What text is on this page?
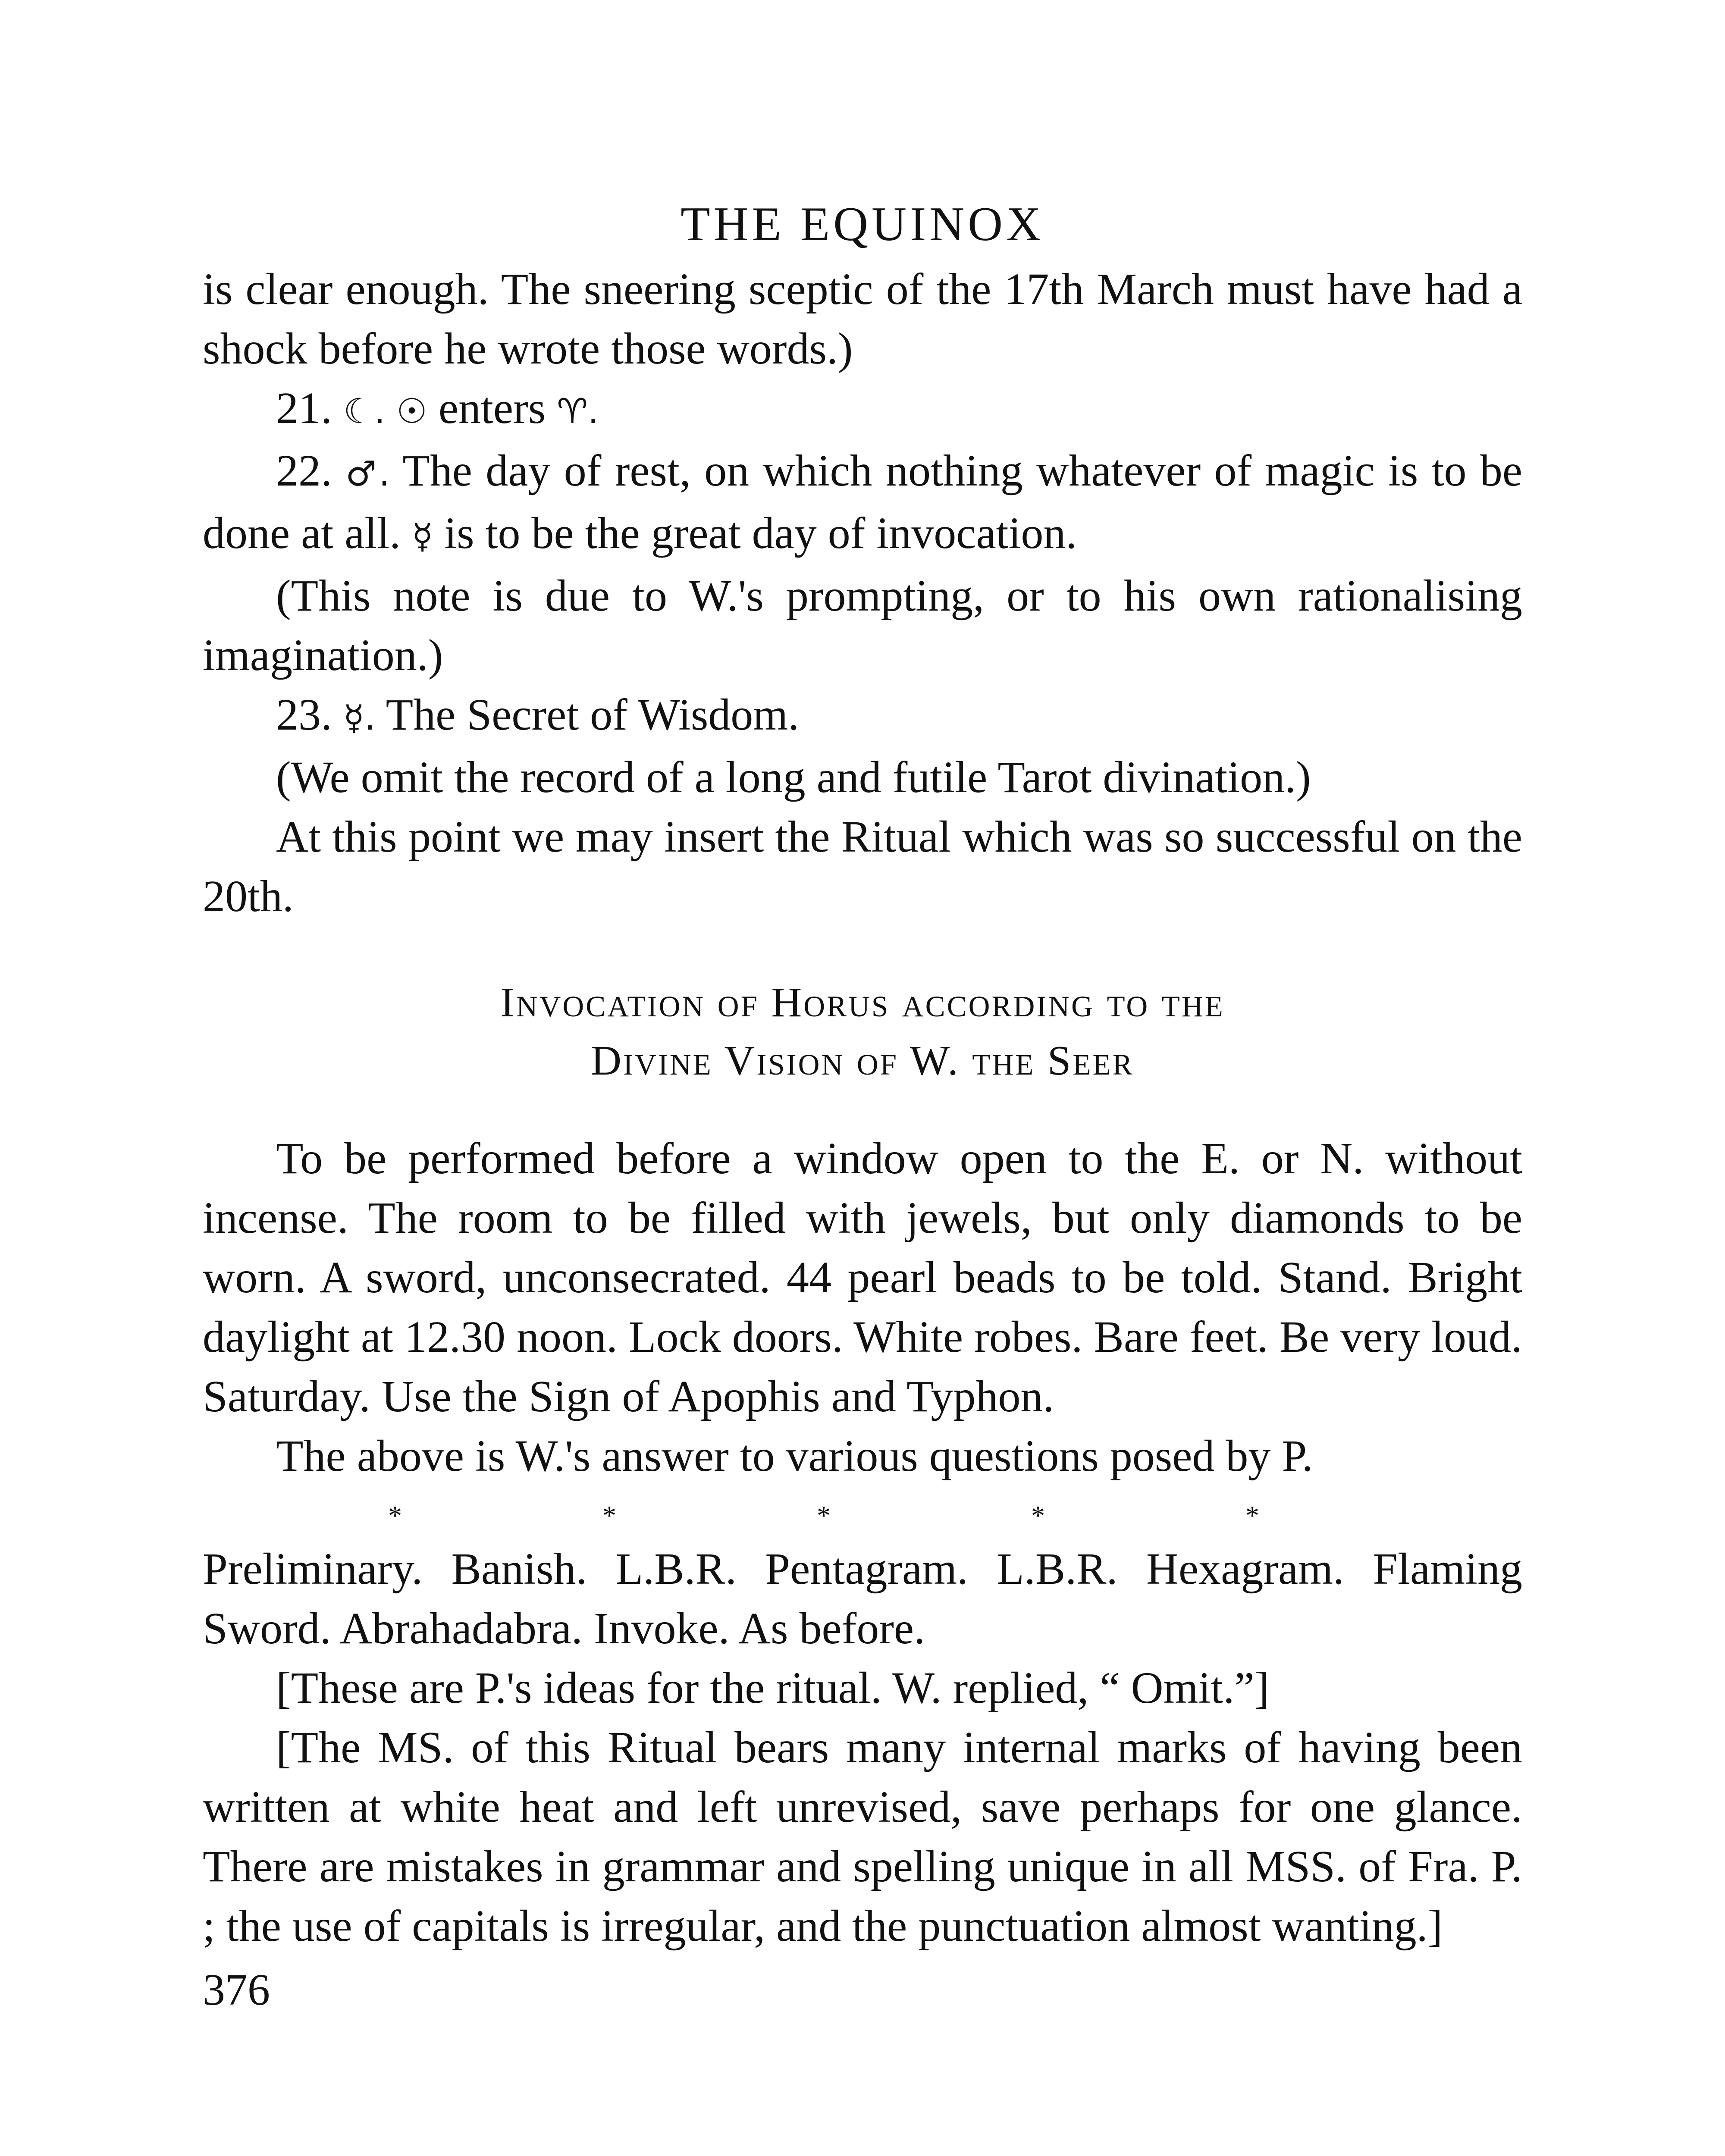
THE EQUINOX

is clear enough. The sneering sceptic of the 17th March must have had a shock before he wrote those words.)

21. ☾. ☉ enters ♈.

22. ♂. The day of rest, on which nothing whatever of magic is to be done at all. ☿ is to be the great day of invocation.

(This note is due to W.'s prompting, or to his own rationalising imagination.)

23. ☿. The Secret of Wisdom.

(We omit the record of a long and futile Tarot divination.)

At this point we may insert the Ritual which was so successful on the 20th.

Invocation of Horus according to the
Divine Vision of W. the Seer

To be performed before a window open to the E. or N. without incense. The room to be filled with jewels, but only diamonds to be worn. A sword, unconsecrated. 44 pearl beads to be told. Stand. Bright daylight at 12.30 noon. Lock doors. White robes. Bare feet. Be very loud. Saturday. Use the Sign of Apophis and Typhon.

The above is W.'s answer to various questions posed by P.

*	*	*	*	*

Preliminary. Banish. L.B.R. Pentagram. L.B.R. Hexagram. Flaming Sword. Abrahadabra. Invoke. As before.

[These are P.'s ideas for the ritual. W. replied, “ Omit.”]

[The MS. of this Ritual bears many internal marks of having been written at white heat and left unrevised, save perhaps for one glance. There are mistakes in grammar and spelling unique in all MSS. of Fra. P. ; the use of capitals is irregular, and the punctuation almost wanting.]

376
